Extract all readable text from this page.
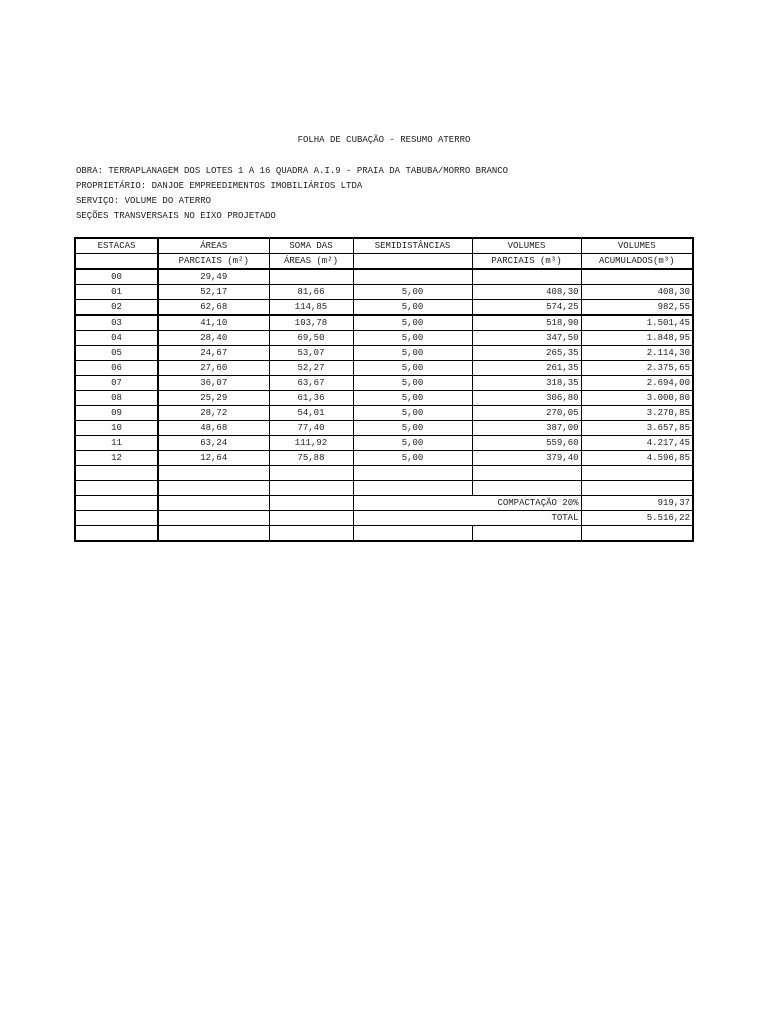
FOLHA DE CUBAÇÃO - RESUMO ATERRO
OBRA: TERRAPLANAGEM DOS LOTES 1 A 16 QUADRA A.I.9 - PRAIA DA TABUBA/MORRO BRANCO
PROPRIETÁRIO: DANJOE EMPREEDIMENTOS IMOBILIÁRIOS LTDA
SERVIÇO: VOLUME DO ATERRO
SEÇÕES TRANSVERSAIS NO EIXO PROJETADO
ESTACAS	ÁREAS	SOMA DAS	SEMIDISTÂNCIAS	VOLUMES	VOLUMES
	PARCIAIS (m²)	ÁREAS (m²)		PARCIAIS (m³)	ACUMULADOS(m³)
00	29,49				
01	52,17	81,66	5,00	408,30	408,30
02	62,68	114,85	5,00	574,25	982,55
03	41,10	103,78	5,00	518,90	1.501,45
04	28,40	69,50	5,00	347,50	1.848,95
05	24,67	53,07	5,00	265,35	2.114,30
06	27,60	52,27	5,00	261,35	2.375,65
07	36,07	63,67	5,00	318,35	2.694,00
08	25,29	61,36	5,00	306,80	3.000,80
09	28,72	54,01	5,00	270,05	3.270,85
10	48,68	77,40	5,00	387,00	3.657,85
11	63,24	111,92	5,00	559,60	4.217,45
12	12,64	75,88	5,00	379,40	4.596,85

			COMPACTAÇÃO 20%		919,37
			TOTAL		5.516,22
